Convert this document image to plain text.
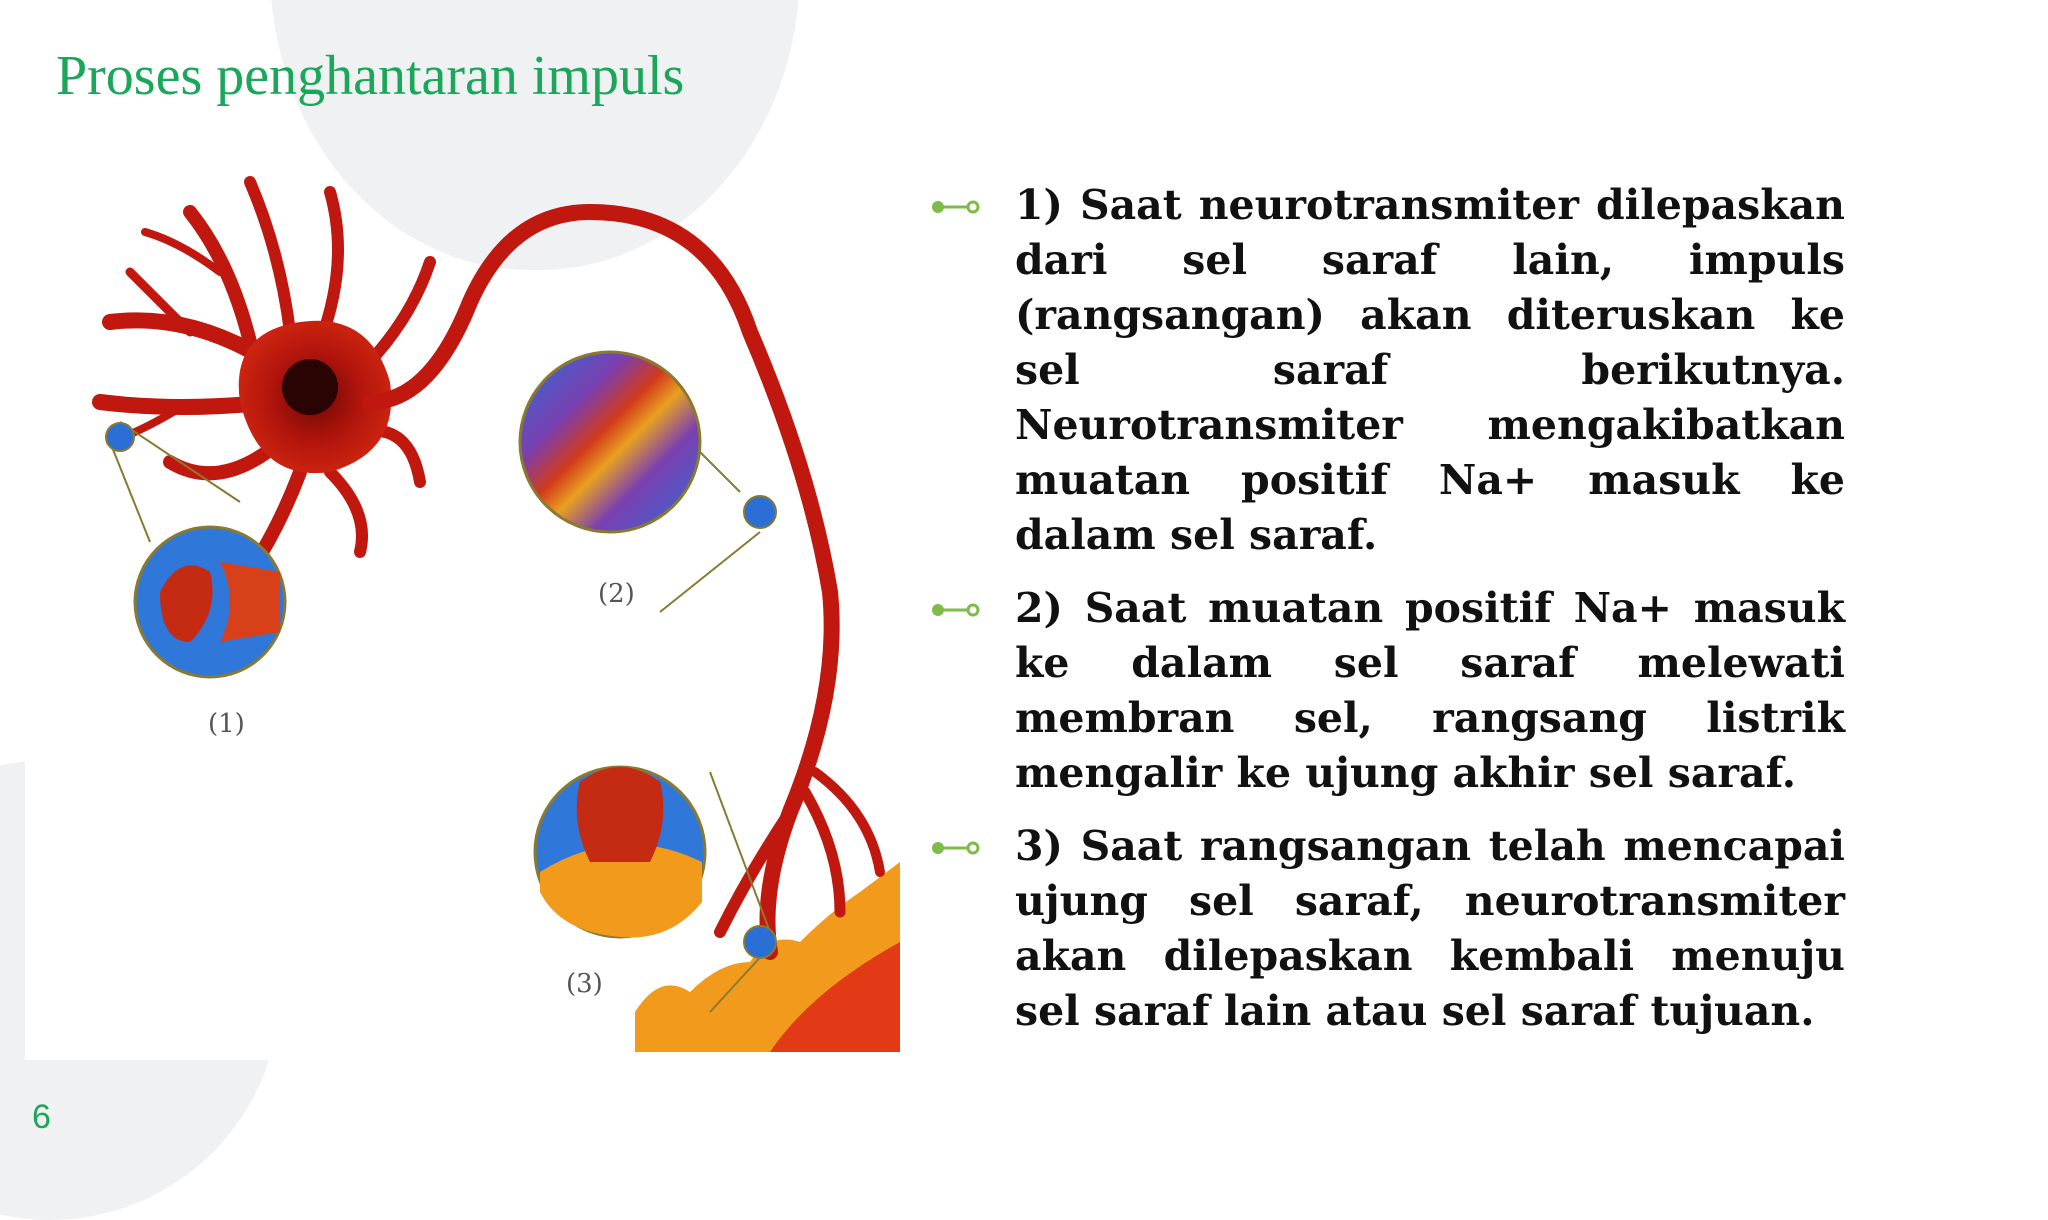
Proses penghantaran impuls
(1)
(2)
(3)
1) Saat neurotransmiter dilepaskan dari sel saraf lain, impuls (rangsangan) akan diteruskan ke sel saraf berikutnya. Neurotransmiter mengakibatkan muatan positif Na+ masuk ke dalam sel saraf.
2) Saat muatan positif Na+ masuk ke dalam sel saraf melewati membran sel, rangsang listrik mengalir ke ujung akhir sel saraf.
3) Saat rangsangan telah mencapai ujung sel saraf, neurotransmiter akan dilepaskan kembali menuju sel saraf lain atau sel saraf tujuan.
6
